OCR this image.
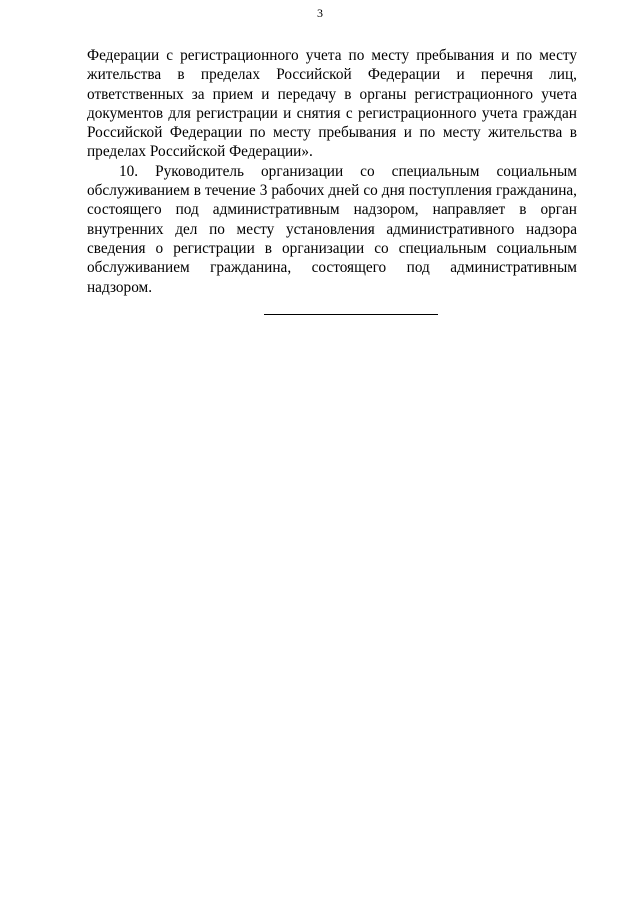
3

Федерации с регистрационного учета по месту пребывания и по месту жительства в пределах Российской Федерации и перечня лиц, ответственных за прием и передачу в органы регистрационного учета документов для регистрации и снятия с регистрационного учета граждан Российской Федерации по месту пребывания и по месту жительства в пределах Российской Федерации».

10. Руководитель организации со специальным социальным обслуживанием в течение 3 рабочих дней со дня поступления гражданина, состоящего под административным надзором, направляет в орган внутренних дел по месту установления административного надзора сведения о регистрации в организации со специальным социальным обслуживанием гражданина, состоящего под административным надзором.
